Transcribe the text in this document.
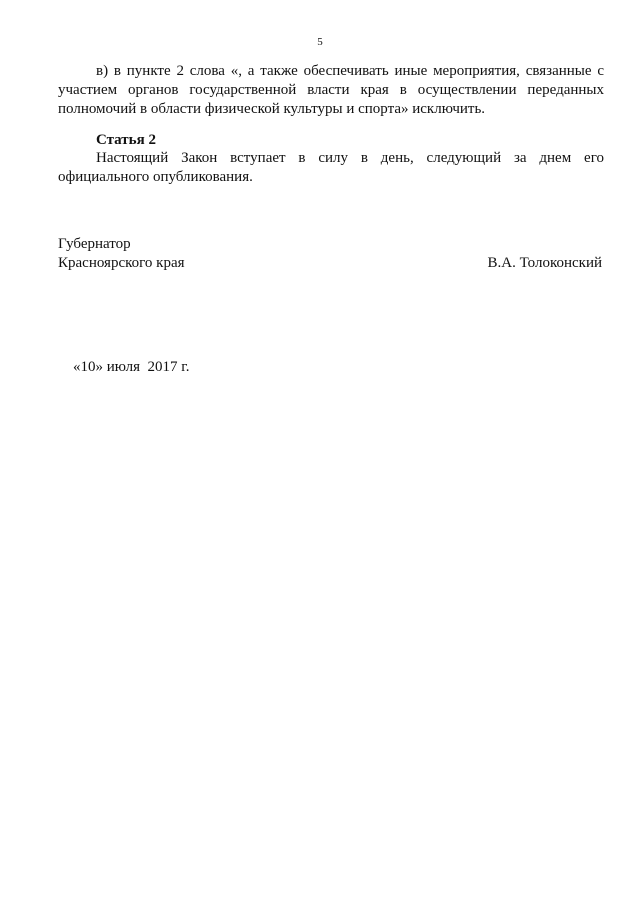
5

в) в пункте 2 слова «, а также обеспечивать иные мероприятия, связанные с участием органов государственной власти края в осуществлении переданных полномочий в области физической культуры и спорта» исключить.

Статья 2

Настоящий Закон вступает в силу в день, следующий за днем его официального опубликования.

Губернатор
Красноярского края	В.А. Толоконский
«10» июля  2017 г.
